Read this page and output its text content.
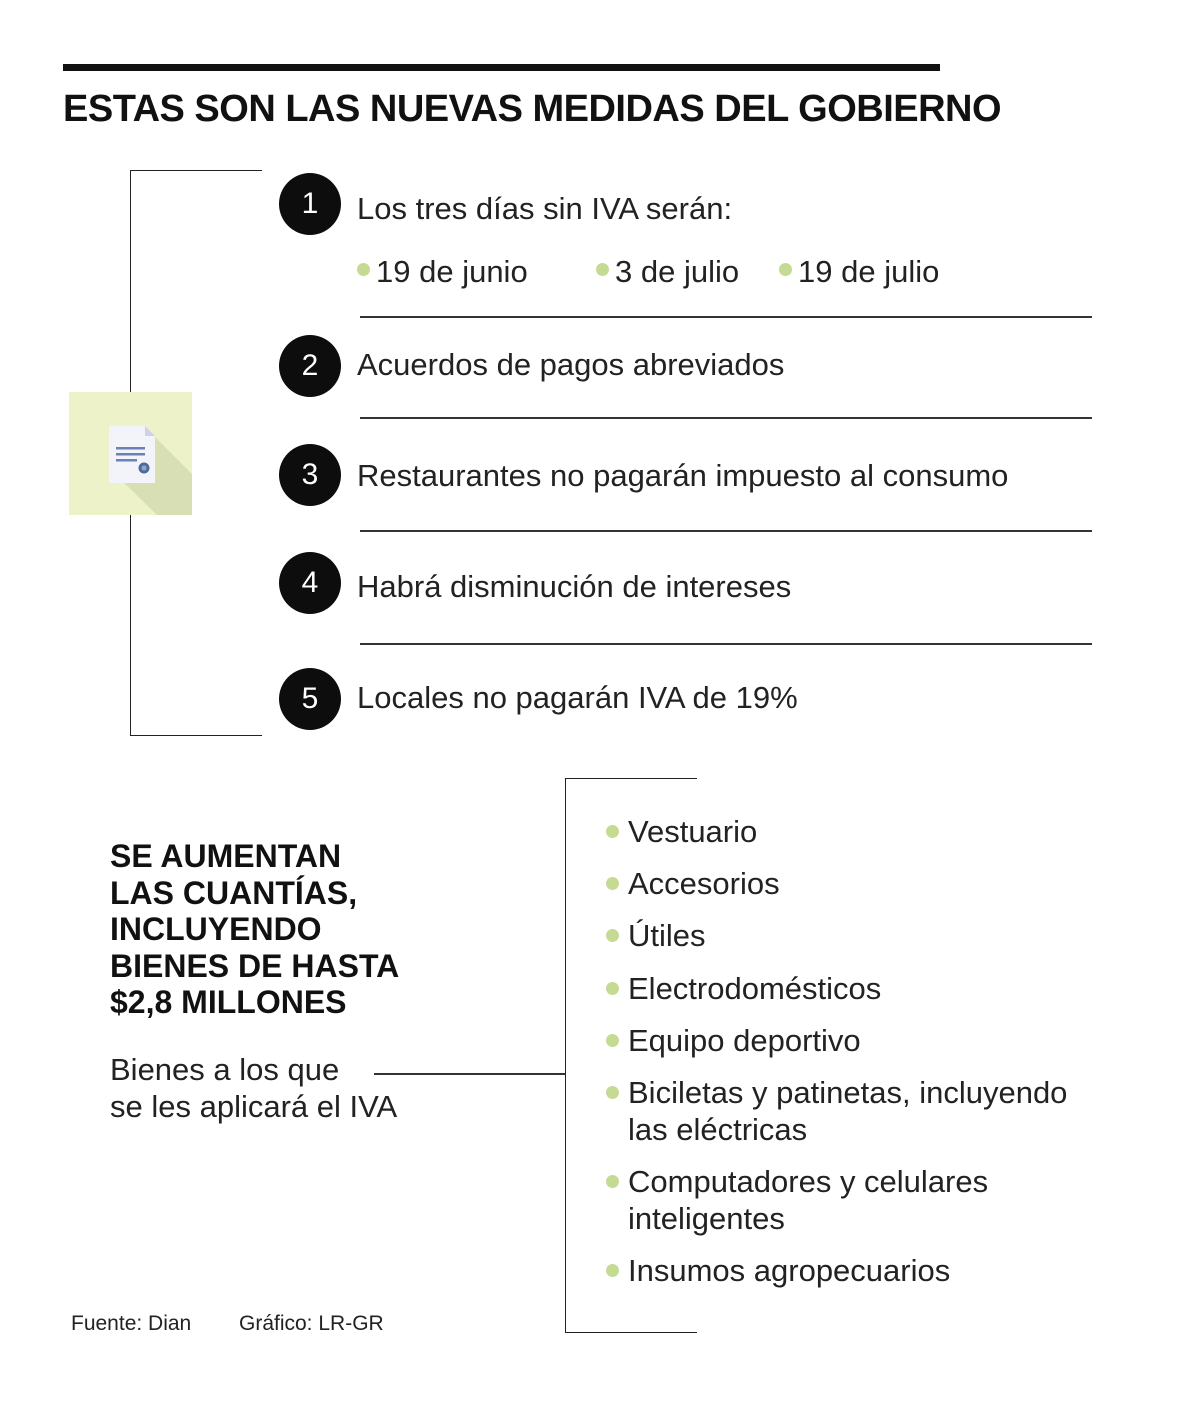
ESTAS SON LAS NUEVAS MEDIDAS DEL GOBIERNO
1	Los tres días sin IVA serán:
19 de junio	3 de julio	19 de julio
2	Acuerdos de pagos abreviados
3	Restaurantes no pagarán impuesto al consumo
4	Habrá disminución de intereses
5	Locales no pagarán IVA de 19%
SE AUMENTAN
LAS CUANTÍAS,
INCLUYENDO
BIENES DE HASTA
$2,8 MILLONES
Bienes a los que
se les aplicará el IVA
Vestuario
Accesorios
Útiles
Electrodomésticos
Equipo deportivo
Biciletas y patinetas, incluyendo
las eléctricas
Computadores y celulares
inteligentes
Insumos agropecuarios
Fuente: Dian Gráfico: LR-GR
